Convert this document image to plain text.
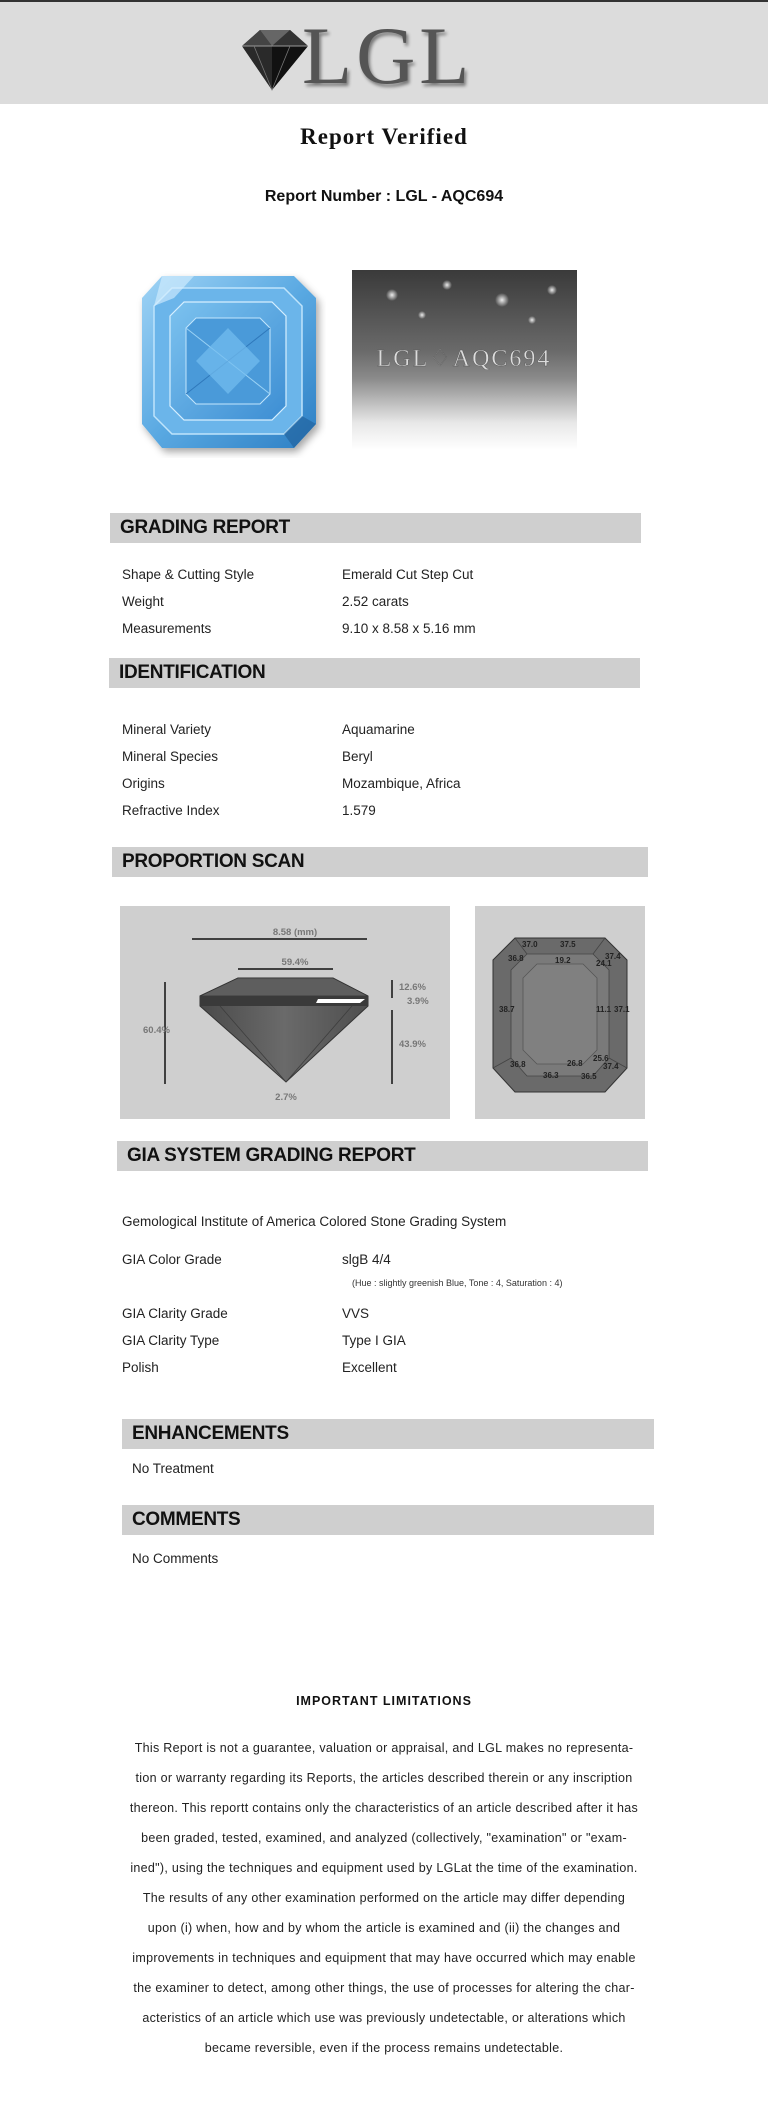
LGL
Report Verified
Report Number : LGL - AQC694
LGL♢AQC694
GRADING REPORT
Shape & Cutting Style	Emerald Cut Step Cut
Weight	2.52 carats
Measurements	9.10 x 8.58 x 5.16 mm
IDENTIFICATION
Mineral Variety	Aquamarine
Mineral Species	Beryl
Origins	Mozambique, Africa
Refractive Index	1.579
PROPORTION SCAN
8.58 (mm)
59.4%
60.4%
12.6%
3.9%
43.9%
2.7%
37.0	37.5
37.4
36.8	19.2	24.1
38.7	11.1 37.1
26.8
25.6
36.8
36.3	36.5
37.4
GIA SYSTEM GRADING REPORT
Gemological Institute of America Colored Stone Grading System
GIA Color Grade	slgB 4/4
(Hue : slightly greenish Blue, Tone : 4, Saturation : 4)
GIA Clarity Grade	VVS
GIA Clarity Type	Type I GIA
Polish	Excellent
ENHANCEMENTS
No Treatment
COMMENTS
No Comments
IMPORTANT LIMITATIONS
This Report is not a guarantee, valuation or appraisal, and LGL makes no representa-
tion or warranty regarding its Reports, the articles described therein or any inscription
thereon. This reportt contains only the characteristics of an article described after it has
been graded, tested, examined, and analyzed (collectively, "examination" or "exam-
ined"), using the techniques and equipment used by LGLat the time of the examination.
The results of any other examination performed on the article may differ depending
upon (i) when, how and by whom the article is examined and (ii) the changes and
improvements in techniques and equipment that may have occurred which may enable
the examiner to detect, among other things, the use of processes for altering the char-
acteristics of an article which use was previously undetectable, or alterations which
became reversible, even if the process remains undetectable.
